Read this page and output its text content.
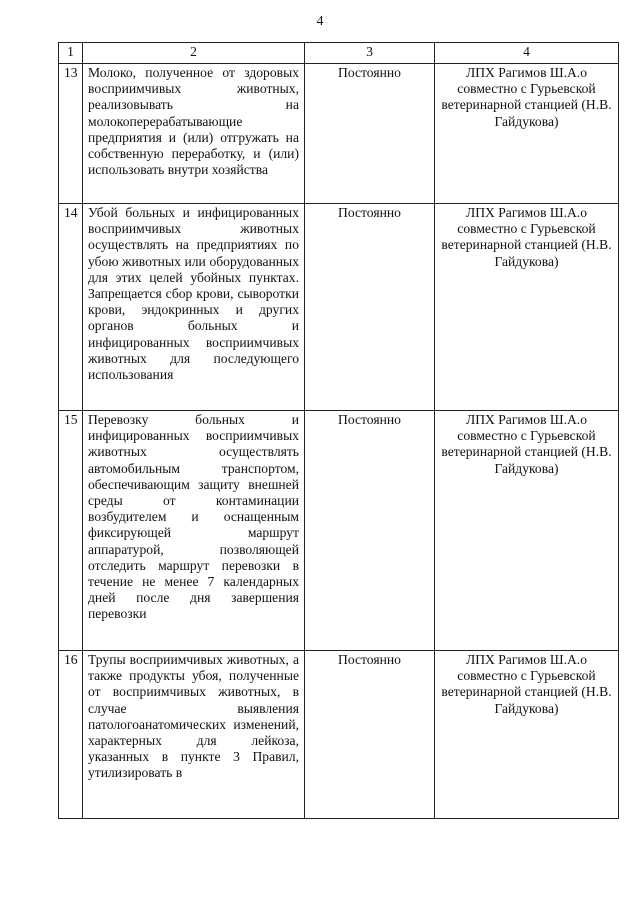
4
1	2	3	4
13	Молоко, полученное от здоровых восприимчивых животных, реализовывать на молокоперерабатывающие предприятия и (или) отгружать на собственную переработку, и (или) использовать внутри хозяйства	Постоянно	ЛПХ Рагимов Ш.А.о совместно с Гурьевской ветеринарной станцией (Н.В. Гайдукова)
14	Убой больных и инфицированных восприимчивых животных осуществлять на предприятиях по убою животных или оборудованных для этих целей убойных пунктах. Запрещается сбор крови, сыворотки крови, эндокринных и других органов больных и инфицированных восприимчивых животных для последующего использования	Постоянно	ЛПХ Рагимов Ш.А.о совместно с Гурьевской ветеринарной станцией (Н.В. Гайдукова)
15	Перевозку больных и инфицированных восприимчивых животных осуществлять автомобильным транспортом, обеспечивающим защиту внешней среды от контаминации возбудителем и оснащенным фиксирующей маршрут аппаратурой, позволяющей отследить маршрут перевозки в течение не менее 7 календарных дней после дня завершения перевозки	Постоянно	ЛПХ Рагимов Ш.А.о совместно с Гурьевской ветеринарной станцией (Н.В. Гайдукова)
16	Трупы восприимчивых животных, а также продукты убоя, полученные от восприимчивых животных, в случае выявления патологоанатомических изменений, характерных для лейкоза, указанных в пункте 3 Правил, утилизировать в	Постоянно	ЛПХ Рагимов Ш.А.о совместно с Гурьевской ветеринарной станцией (Н.В. Гайдукова)
